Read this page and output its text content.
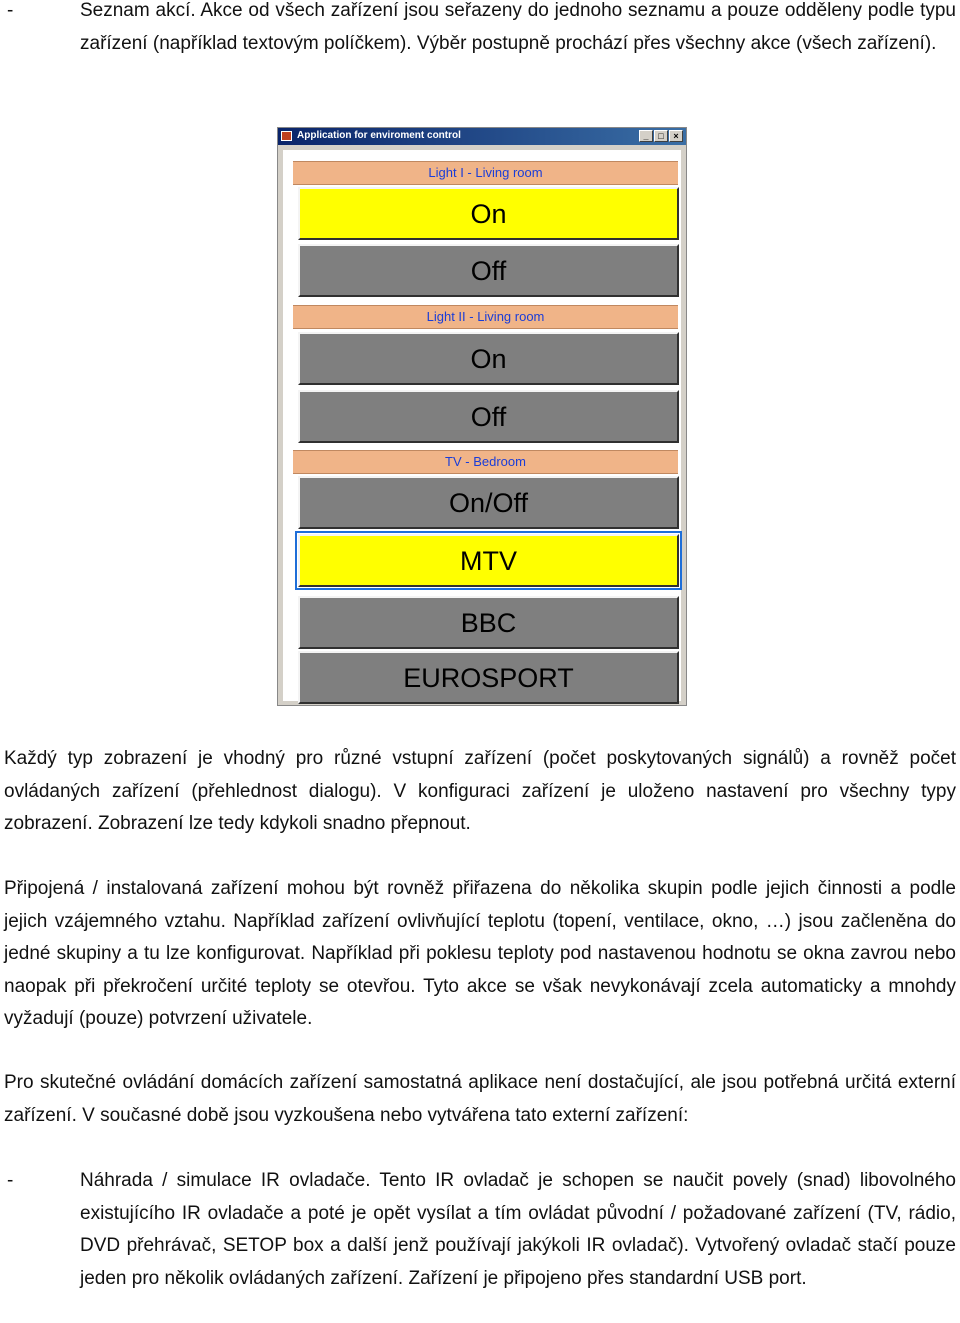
-	Seznam akcí. Akce od všech zařízení jsou seřazeny do jednoho seznamu a pouze odděleny podle typu zařízení (například textovým políčkem). Výběr postupně prochází přes všechny akce (všech zařízení).

Application for enviroment control	_	□	×
Light I - Living room
On
Off
Light II - Living room
On
Off
TV - Bedroom
On/Off
MTV
BBC
EUROSPORT

Každý typ zobrazení je vhodný pro různé vstupní zařízení (počet poskytovaných signálů) a rovněž počet ovládaných zařízení (přehlednost dialogu). V konfiguraci zařízení je uloženo nastavení pro všechny typy zobrazení. Zobrazení lze tedy kdykoli snadno přepnout.

Připojená / instalovaná zařízení mohou být rovněž přiřazena do několika skupin podle jejich činnosti a podle jejich vzájemného vztahu. Například zařízení ovlivňující teplotu (topení, ventilace, okno, …) jsou začleněna do jedné skupiny a tu lze konfigurovat. Například při poklesu teploty pod nastavenou hodnotu se okna zavrou nebo naopak při překročení určité teploty se otevřou. Tyto akce se však nevykonávají zcela automaticky a mnohdy vyžadují (pouze) potvrzení uživatele.

Pro skutečné ovládání domácích zařízení samostatná aplikace není dostačující, ale jsou potřebná určitá externí zařízení. V současné době jsou vyzkoušena nebo vytvářena tato externí zařízení:

-	Náhrada / simulace IR ovladače. Tento IR ovladač je schopen se naučit povely (snad) libovolného existujícího IR ovladače a poté je opět vysílat a tím ovládat původní / požadované zařízení (TV, rádio, DVD přehrávač, SETOP box a další jenž používají jakýkoli IR ovladač). Vytvořený ovladač stačí pouze jeden pro několik ovládaných zařízení. Zařízení je připojeno přes standardní USB port.
